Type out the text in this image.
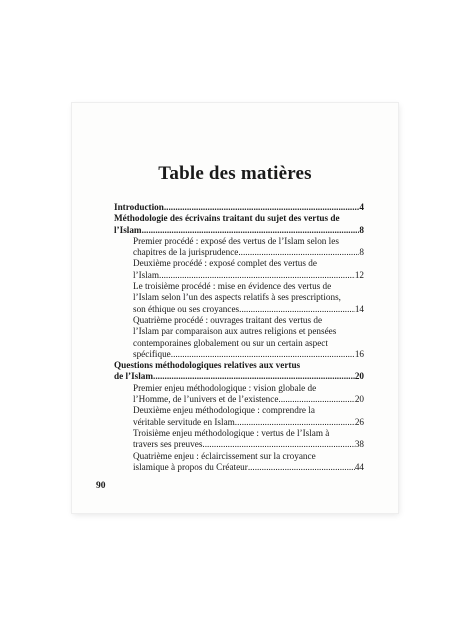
Table des matières
Introduction .....	4
Méthodologie des écrivains traitant du sujet des vertus de
l’Islam .....	8
Premier procédé : exposé des vertus de l’Islam selon les
chapitres de la jurisprudence .....	8
Deuxième procédé : exposé complet des vertus de
l’Islam .....	12
Le troisième procédé : mise en évidence des vertus de
l’Islam selon l’un des aspects relatifs à ses prescriptions,
son éthique ou ses croyances .....	14
Quatrième procédé : ouvrages traitant des vertus de
l’Islam par comparaison aux autres religions et pensées
contemporaines globalement ou sur un certain aspect
spécifique .....	16
Questions méthodologiques relatives aux vertus
de l’Islam .....	20
Premier enjeu méthodologique : vision globale de
l’Homme, de l’univers et de l’existence .....	20
Deuxième enjeu méthodologique : comprendre la
véritable servitude en Islam .....	26
Troisième enjeu méthodologique : vertus de l’Islam à
travers ses preuves .....	38
Quatrième enjeu : éclaircissement sur la croyance
islamique à propos du Créateur .....	44
90
